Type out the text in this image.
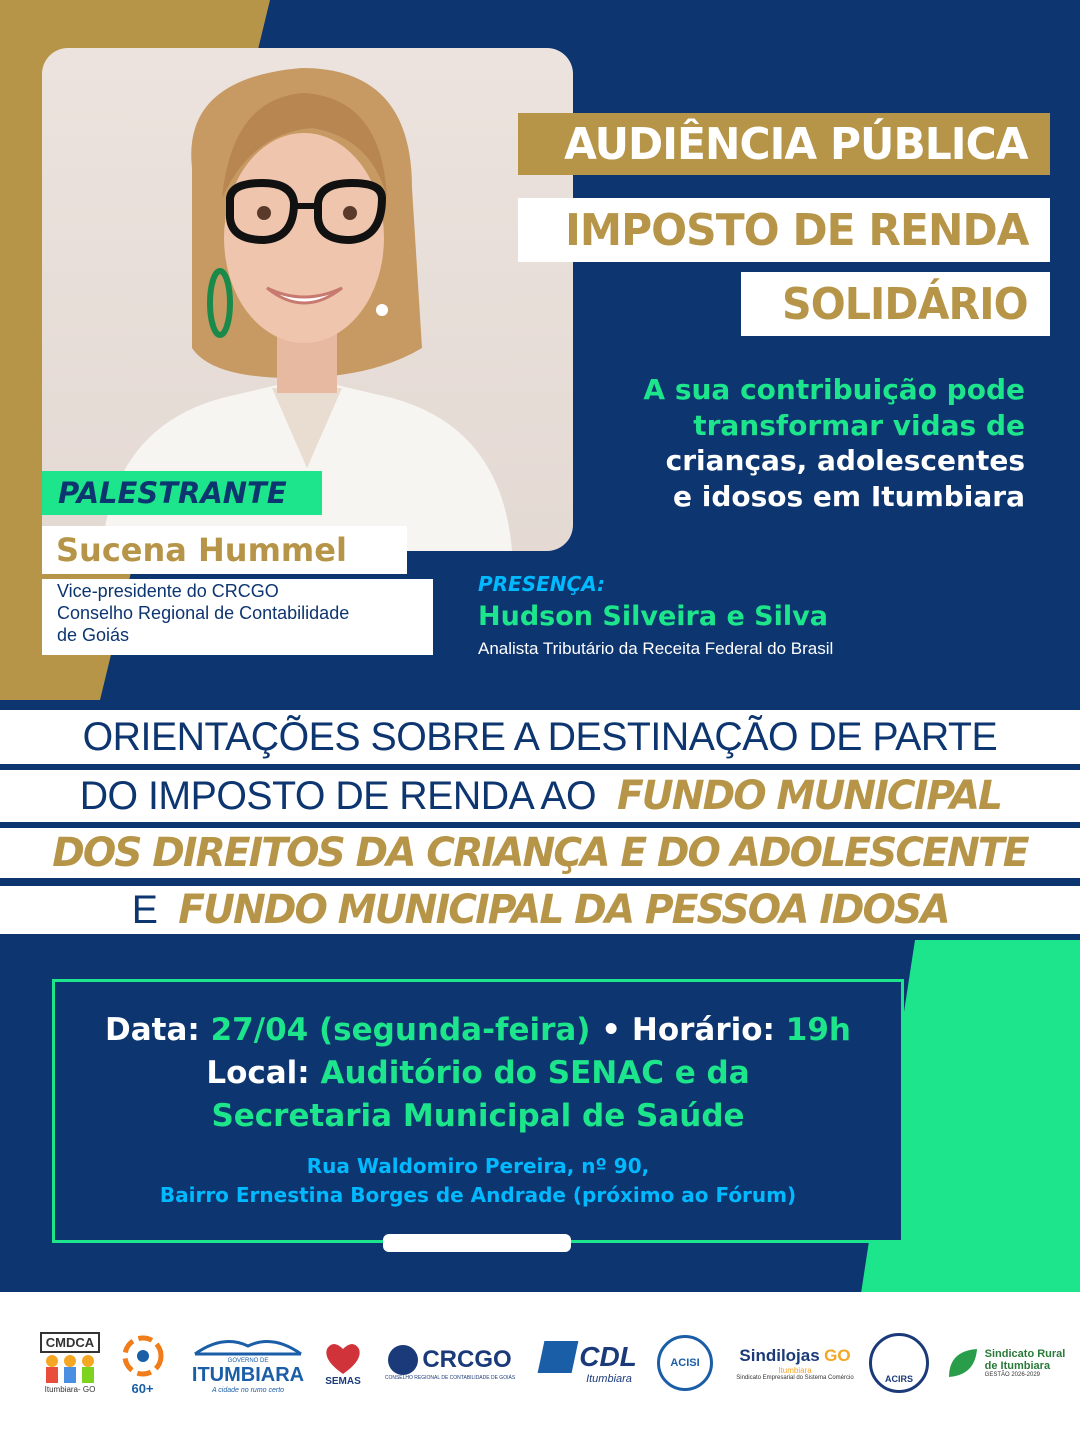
AUDIÊNCIA PÚBLICA
IMPOSTO DE RENDA
SOLIDÁRIO
A sua contribuição pode
transformar vidas de
crianças, adolescentes
e idosos em Itumbiara
PALESTRANTE
Sucena Hummel
Vice-presidente do CRCGO
Conselho Regional de Contabilidade
de Goiás
PRESENÇA:
Hudson Silveira e Silva
Analista Tributário da Receita Federal do Brasil
ORIENTAÇÕES SOBRE A DESTINAÇÃO DE PARTE
DO IMPOSTO DE RENDA AO  FUNDO MUNICIPAL
DOS DIREITOS DA CRIANÇA E DO ADOLESCENTE
E  FUNDO MUNICIPAL DA PESSOA IDOSA
Data: 27/04 (segunda-feira) • Horário: 19h
Local: Auditório do SENAC e da
Secretaria Municipal de Saúde
Rua Waldomiro Pereira, nº 90,
Bairro Ernestina Borges de Andrade (próximo ao Fórum)
CMDCA
Itumbiara- GO	60+
GOVERNO DE
ITUMBIARA
A cidade no rumo certo
SEMAS
CRCGO
CONSELHO REGIONAL DE CONTABILIDADE DE GOIÁS
CDL
Itumbiara
ACISI	Sindilojas GO
Itumbiara
Sindicato Empresarial do Sistema Comércio	ACIRS
Sindicato Rural
de Itumbiara
GESTÃO 2026-2029
